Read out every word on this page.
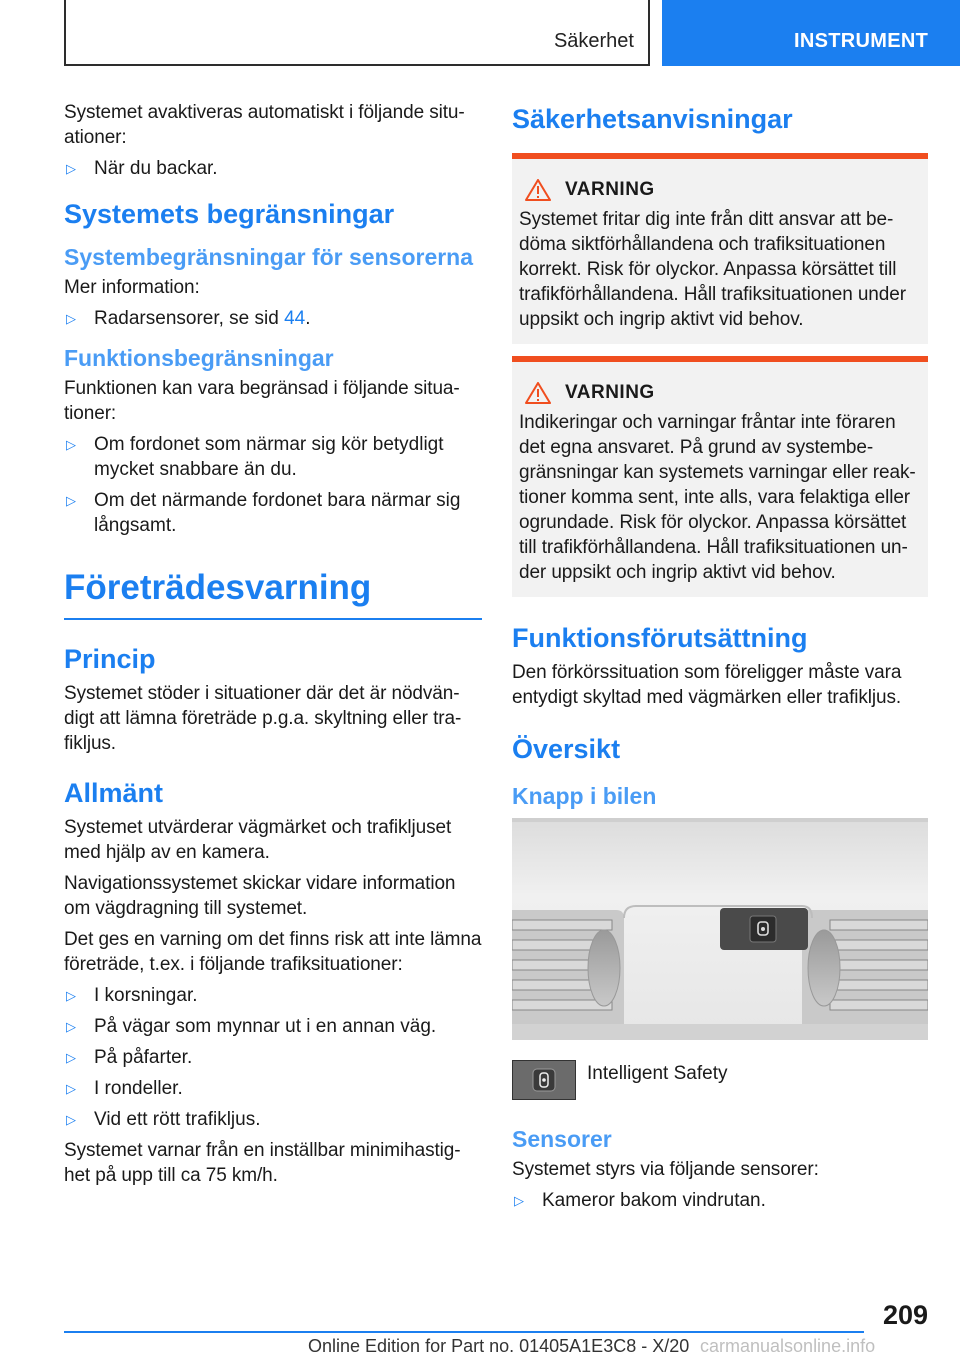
Säkerhet	INSTRUMENT

Systemet avaktiveras automatiskt i följande situ-ationer:

▷ När du backar.
Systemets begränsningar
Systembegränsningar för sensorerna

Mer information:

▷ Radarsensorer, se sid 44.
Funktionsbegränsningar

Funktionen kan vara begränsad i följande situa-tioner:

▷ Om fordonet som närmar sig kör betydligt mycket snabbare än du.
▷ Om det närmande fordonet bara närmar sig långsamt.
Företrädesvarning
Princip

Systemet stöder i situationer där det är nödvän-digt att lämna företräde p.g.a. skyltning eller tra-fikljus.

Allmänt

Systemet utvärderar vägmärket och trafikljuset med hjälp av en kamera.

Navigationssystemet skickar vidare information om vägdragning till systemet.

Det ges en varning om det finns risk att inte lämna företräde, t.ex. i följande trafiksituationer:

▷ I korsningar.
▷ På vägar som mynnar ut i en annan väg.
▷ På påfarter.
▷ I rondeller.
▷ Vid ett rött trafikljus.

Systemet varnar från en inställbar minimihastig-het på upp till ca 75 km/h.

Säkerhetsanvisningar
VARNING

Systemet fritar dig inte från ditt ansvar att be-döma siktförhållandena och trafiksituationen korrekt. Risk för olyckor. Anpassa körsättet till trafikförhållandena. Håll trafiksituationen under uppsikt och ingrip aktivt vid behov.

VARNING

Indikeringar och varningar fråntar inte föraren det egna ansvaret. På grund av systembe-gränsningar kan systemets varningar eller reak-tioner komma sent, inte alls, vara felaktiga eller ogrundade. Risk för olyckor. Anpassa körsättet till trafikförhållandena. Håll trafiksituationen un-der uppsikt och ingrip aktivt vid behov.

Funktionsförutsättning

Den förkörssituation som föreligger måste vara entydigt skyltad med vägmärken eller trafikljus.

Översikt
Knapp i bilen
Intelligent Safety
Sensorer

Systemet styrs via följande sensorer:

▷ Kameror bakom vindrutan.
209
Online Edition for Part no. 01405A1E3C8 - X/20 carmanualsonline.info
